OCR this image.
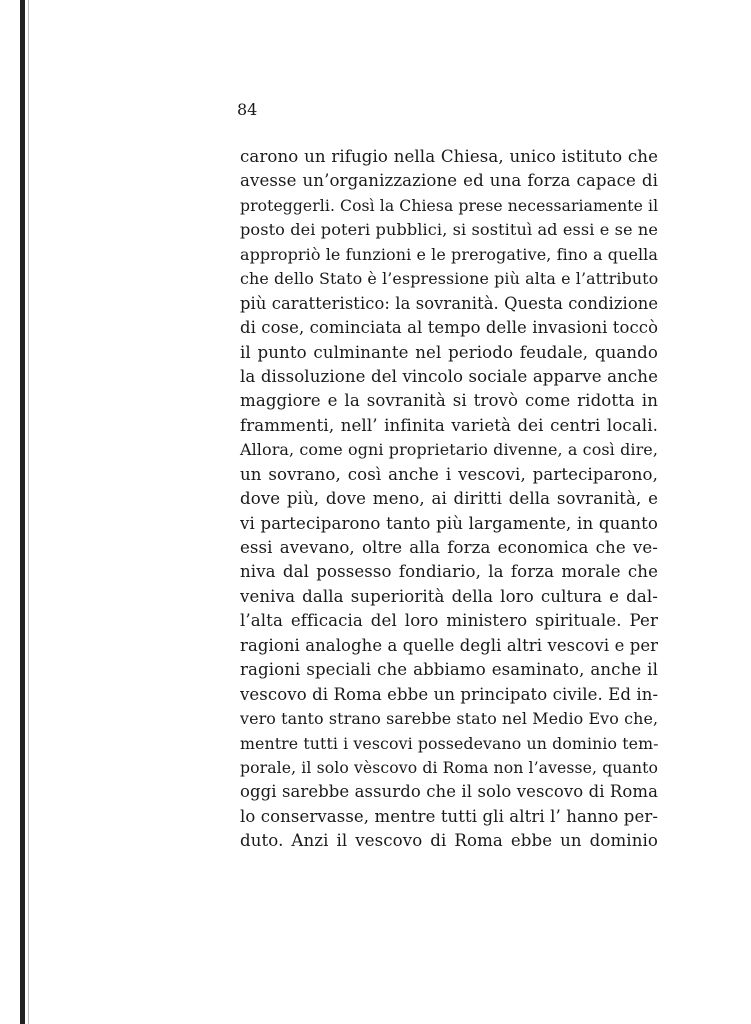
84
carono un rifugio nella Chiesa, unico istituto che
avesse un’organizzazione ed una forza capace di
proteggerli. Così la Chiesa prese necessariamente il
posto dei poteri pubblici, si sostituì ad essi e se ne
appropriò le funzioni e le prerogative, fino a quella
che dello Stato è l’espressione più alta e l’attributo
più caratteristico: la sovranità. Questa condizione
di cose, cominciata al tempo delle invasioni toccò
il punto culminante nel periodo feudale, quando
la dissoluzione del vincolo sociale apparve anche
maggiore e la sovranità si trovò come ridotta in
frammenti, nell’ infinita varietà dei centri locali.
Allora, come ogni proprietario divenne, a così dire,
un sovrano, così anche i vescovi, parteciparono,
dove più, dove meno, ai diritti della sovranità, e
vi parteciparono tanto più largamente, in quanto
essi avevano, oltre alla forza economica che ve-
niva dal possesso fondiario, la forza morale che
veniva dalla superiorità della loro cultura e dal-
l’alta efficacia del loro ministero spirituale. Per
ragioni analoghe a quelle degli altri vescovi e per
ragioni speciali che abbiamo esaminato, anche il
vescovo di Roma ebbe un principato civile. Ed in-
vero tanto strano sarebbe stato nel Medio Evo che,
mentre tutti i vescovi possedevano un dominio tem-
porale, il solo vèscovo di Roma non l’avesse, quanto
oggi sarebbe assurdo che il solo vescovo di Roma
lo conservasse, mentre tutti gli altri l’ hanno per-
duto. Anzi il vescovo di Roma ebbe un dominio
